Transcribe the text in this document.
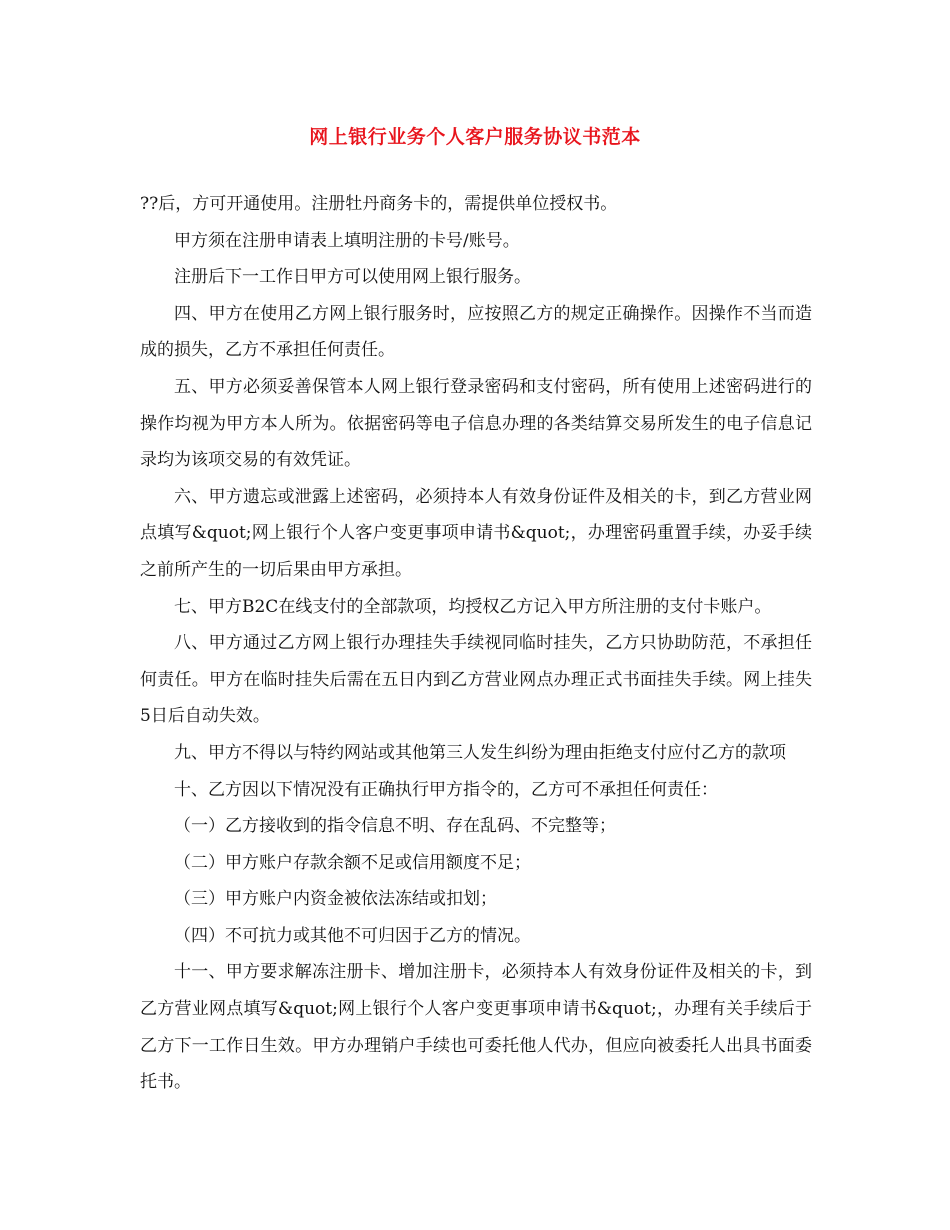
网上银行业务个人客户服务协议书范本

??后，方可开通使用。注册牡丹商务卡的，需提供单位授权书。

甲方须在注册申请表上填明注册的卡号/账号。

注册后下一工作日甲方可以使用网上银行服务。

四、甲方在使用乙方网上银行服务时，应按照乙方的规定正确操作。因操作不当而造成的损失，乙方不承担任何责任。

五、甲方必须妥善保管本人网上银行登录密码和支付密码，所有使用上述密码进行的操作均视为甲方本人所为。依据密码等电子信息办理的各类结算交易所发生的电子信息记录均为该项交易的有效凭证。

六、甲方遗忘或泄露上述密码，必须持本人有效身份证件及相关的卡，到乙方营业网点填写&quot;网上银行个人客户变更事项申请书&quot;，办理密码重置手续，办妥手续之前所产生的一切后果由甲方承担。

七、甲方B2C在线支付的全部款项，均授权乙方记入甲方所注册的支付卡账户。

八、甲方通过乙方网上银行办理挂失手续视同临时挂失，乙方只协助防范，不承担任何责任。甲方在临时挂失后需在五日内到乙方营业网点办理正式书面挂失手续。网上挂失5日后自动失效。

九、甲方不得以与特约网站或其他第三人发生纠纷为理由拒绝支付应付乙方的款项

十、乙方因以下情况没有正确执行甲方指令的，乙方可不承担任何责任：

（一）乙方接收到的指令信息不明、存在乱码、不完整等；

（二）甲方账户存款余额不足或信用额度不足；

（三）甲方账户内资金被依法冻结或扣划；

（四）不可抗力或其他不可归因于乙方的情况。

十一、甲方要求解冻注册卡、增加注册卡，必须持本人有效身份证件及相关的卡，到乙方营业网点填写&quot;网上银行个人客户变更事项申请书&quot;，办理有关手续后于乙方下一工作日生效。甲方办理销户手续也可委托他人代办，但应向被委托人出具书面委托书。
